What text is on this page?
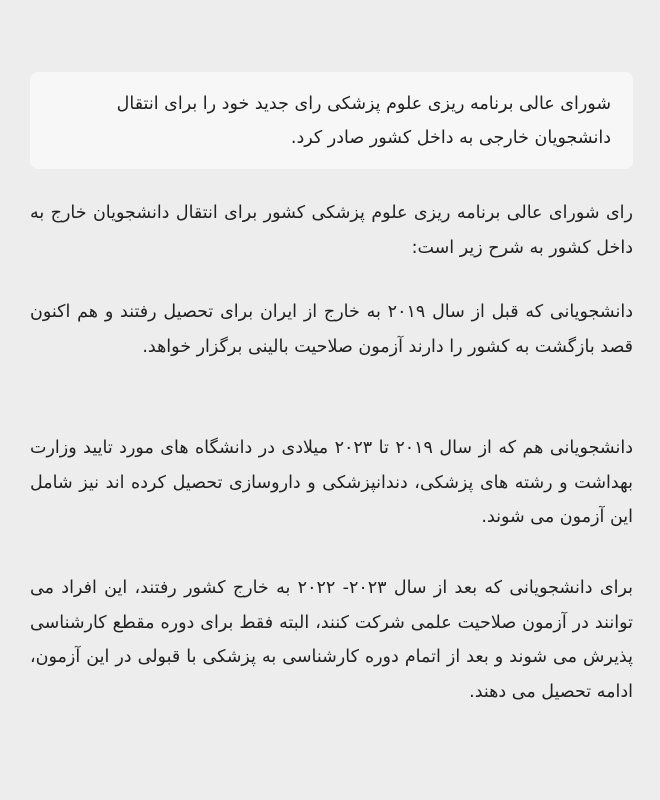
شورای عالی برنامه ریزی علوم پزشکی رای جدید خود را برای انتقال دانشجویان خارجی به داخل کشور صادر کرد.

رای شورای عالی برنامه ریزی علوم پزشکی کشور برای انتقال دانشجویان خارج به داخل کشور به شرح زیر است:

دانشجویانی که قبل از سال ۲۰۱۹ به خارج از ایران برای تحصیل رفتند و هم اکنون قصد بازگشت به کشور را دارند آزمون صلاحیت بالینی برگزار خواهد.

دانشجویانی هم که از سال ۲۰۱۹ تا ۲۰۲۳ میلادی در دانشگاه های مورد تایید وزارت بهداشت و رشته های پزشکی، دندانپزشکی و داروسازی تحصیل کرده اند نیز شامل این آزمون می شوند.

برای دانشجویانی که بعد از سال ۲۰۲۳- ۲۰۲۲ به خارج کشور رفتند، این افراد می توانند در آزمون صلاحیت علمی شرکت کنند، البته فقط برای دوره مقطع کارشناسی پذیرش می شوند و بعد از اتمام دوره کارشناسی به پزشکی با قبولی در این آزمون، ادامه تحصیل می دهند.
